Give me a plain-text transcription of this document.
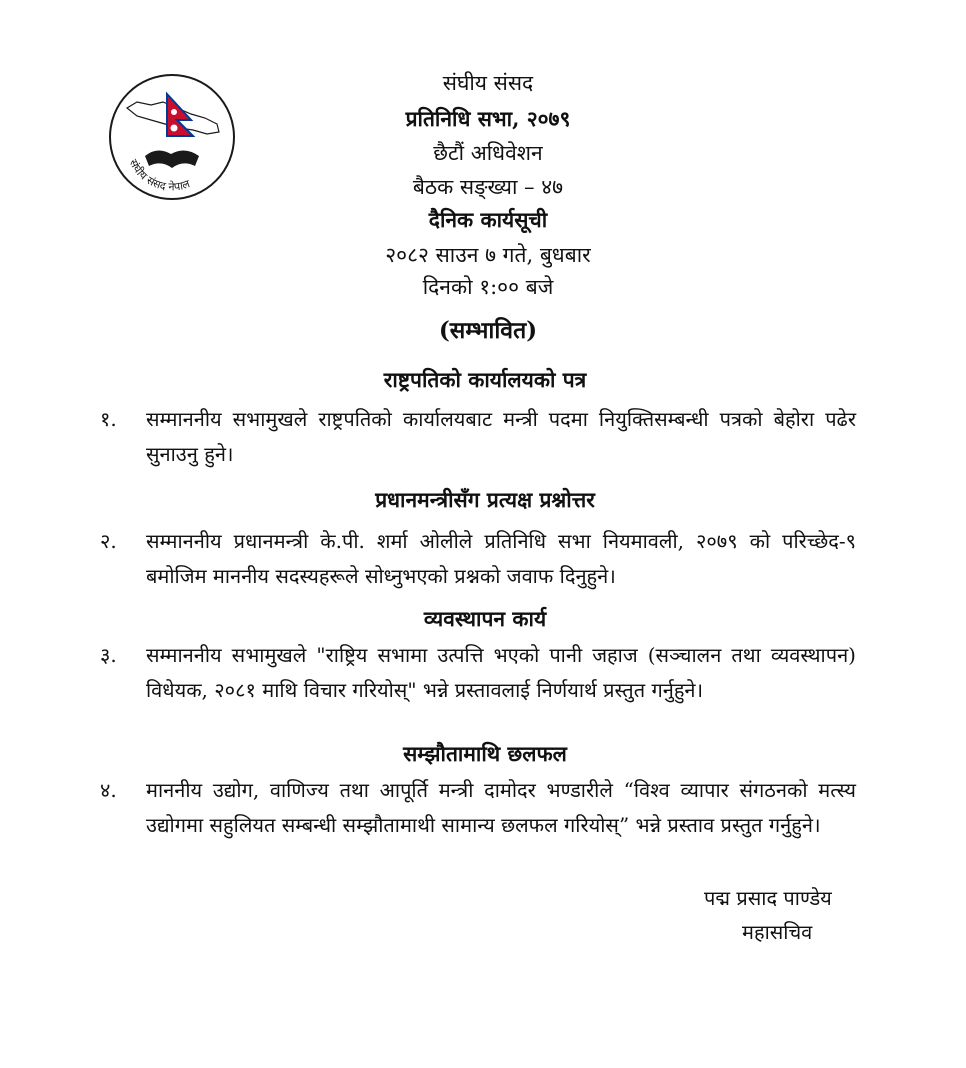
संघीय संसद नेपाल
संघीय संसद
प्रतिनिधि सभा, २०७९
छैटौं अधिवेशन
बैठक सङ्ख्या – ४७
दैनिक कार्यसूची
२०८२ साउन ७ गते, बुधबार
दिनको १:०० बजे
(सम्भावित)
राष्ट्रपतिको कार्यालयको पत्र
१.	सम्माननीय सभामुखले राष्ट्रपतिको कार्यालयबाट मन्त्री पदमा नियुक्तिसम्बन्धी पत्रको बेहोरा पढेर सुनाउनु हुने।
प्रधानमन्त्रीसँग प्रत्यक्ष प्रश्नोत्तर
२.	सम्माननीय प्रधानमन्त्री के.पी. शर्मा ओलीले प्रतिनिधि सभा नियमावली, २०७९ को परिच्छेद-९ बमोजिम माननीय सदस्यहरूले सोध्नुभएको प्रश्नको जवाफ दिनुहुने।
व्यवस्थापन कार्य
३.	सम्माननीय सभामुखले "राष्ट्रिय सभामा उत्पत्ति भएको पानी जहाज (सञ्चालन तथा व्यवस्थापन) विधेयक, २०८१ माथि विचार गरियोस्" भन्ने प्रस्तावलाई निर्णयार्थ प्रस्तुत गर्नुहुने।
सम्झौतामाथि छलफल
४.	माननीय उद्योग, वाणिज्य तथा आपूर्ति मन्त्री दामोदर भण्डारीले “विश्व व्यापार संगठनको मत्स्य उद्योगमा सहुलियत सम्बन्धी सम्झौतामाथी सामान्य छलफल गरियोस्” भन्ने प्रस्ताव प्रस्तुत गर्नुहुने।
पद्म प्रसाद पाण्डेय
महासचिव
